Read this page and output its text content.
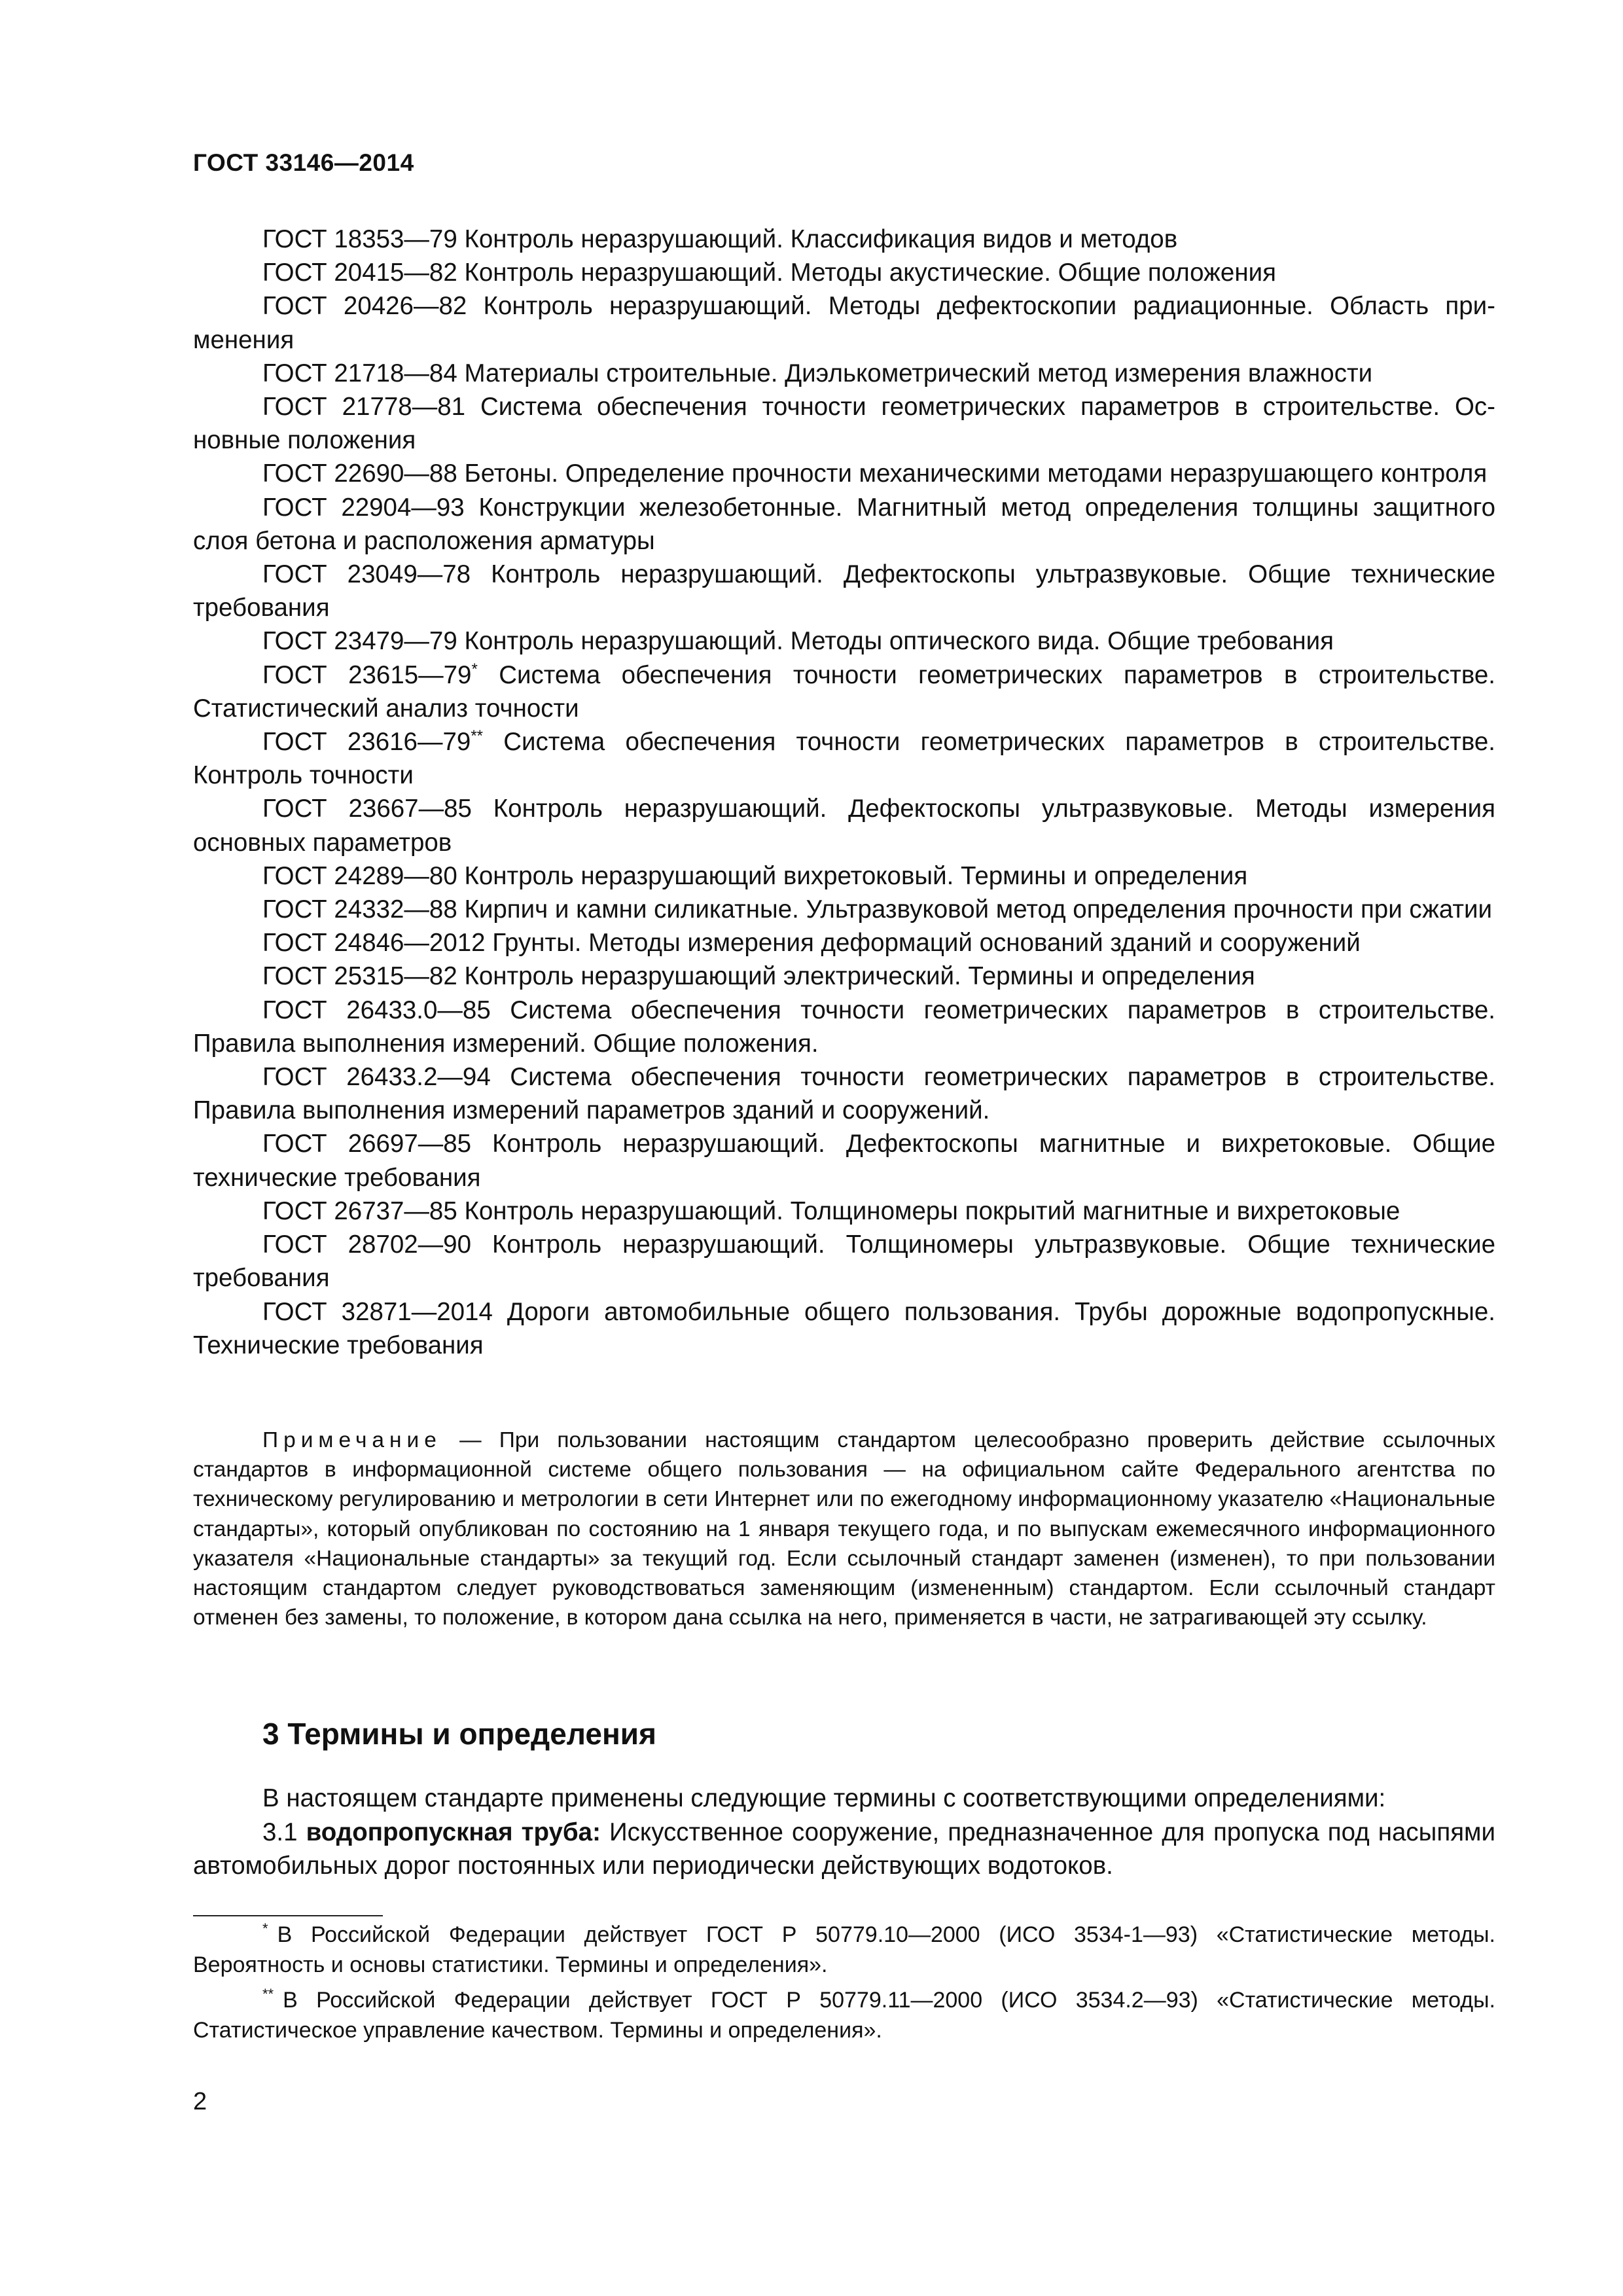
ГОСТ 33146—2014

ГОСТ 18353—79 Контроль неразрушающий. Классификация видов и методов

ГОСТ 20415—82 Контроль неразрушающий. Методы акустические. Общие положения

ГОСТ 20426—82 Контроль неразрушающий. Методы дефектоскопии радиационные. Область применения

ГОСТ 21718—84 Материалы строительные. Диэлькометрический метод измерения влажности

ГОСТ 21778—81 Система обеспечения точности геометрических параметров в строительстве. Основные положения

ГОСТ 22690—88 Бетоны. Определение прочности механическими методами неразрушающего контроля

ГОСТ 22904—93 Конструкции железобетонные. Магнитный метод определения толщины защитного слоя бетона и расположения арматуры

ГОСТ 23049—78 Контроль неразрушающий. Дефектоскопы ультразвуковые. Общие технические требования

ГОСТ 23479—79 Контроль неразрушающий. Методы оптического вида. Общие требования

ГОСТ 23615—79* Система обеспечения точности геометрических параметров в строительстве. Статистический анализ точности

ГОСТ 23616—79** Система обеспечения точности геометрических параметров в строительстве. Контроль точности

ГОСТ 23667—85 Контроль неразрушающий. Дефектоскопы ультразвуковые. Методы измерения основных параметров

ГОСТ 24289—80 Контроль неразрушающий вихретоковый. Термины и определения

ГОСТ 24332—88 Кирпич и камни силикатные. Ультразвуковой метод определения прочности при сжатии

ГОСТ 24846—2012 Грунты. Методы измерения деформаций оснований зданий и сооружений

ГОСТ 25315—82 Контроль неразрушающий электрический. Термины и определения

ГОСТ 26433.0—85 Система обеспечения точности геометрических параметров в строительстве. Правила выполнения измерений. Общие положения.

ГОСТ 26433.2—94 Система обеспечения точности геометрических параметров в строительстве. Правила выполнения измерений параметров зданий и сооружений.

ГОСТ 26697—85 Контроль неразрушающий. Дефектоскопы магнитные и вихретоковые. Общие технические требования

ГОСТ 26737—85 Контроль неразрушающий. Толщиномеры покрытий магнитные и вихретоковые

ГОСТ 28702—90 Контроль неразрушающий. Толщиномеры ультразвуковые. Общие технические требования

ГОСТ 32871—2014 Дороги автомобильные общего пользования. Трубы дорожные водопропускные. Технические требования

Примечание — При пользовании настоящим стандартом целесообразно проверить действие ссылочных стандартов в информационной системе общего пользования — на официальном сайте Федерального агентства по техническому регулированию и метрологии в сети Интернет или по ежегодному информационному указателю «Национальные стандарты», который опубликован по состоянию на 1 января текущего года, и по выпускам ежемесячного информационного указателя «Национальные стандарты» за текущий год. Если ссылочный стандарт заменен (изменен), то при пользовании настоящим стандартом следует руководствоваться заменяющим (измененным) стандартом. Если ссылочный стандарт отменен без замены, то положение, в котором дана ссылка на него, применяется в части, не затрагивающей эту ссылку.

3 Термины и определения

В настоящем стандарте применены следующие термины с соответствующими определениями:

3.1 водопропускная труба: Искусственное сооружение, предназначенное для пропуска под насыпями автомобильных дорог постоянных или периодически действующих водотоков.

* В Российской Федерации действует ГОСТ Р 50779.10—2000 (ИСО 3534-1—93) «Статистические методы. Вероятность и основы статистики. Термины и определения».

** В Российской Федерации действует ГОСТ Р 50779.11—2000 (ИСО 3534.2—93) «Статистические методы. Статистическое управление качеством. Термины и определения».

2
